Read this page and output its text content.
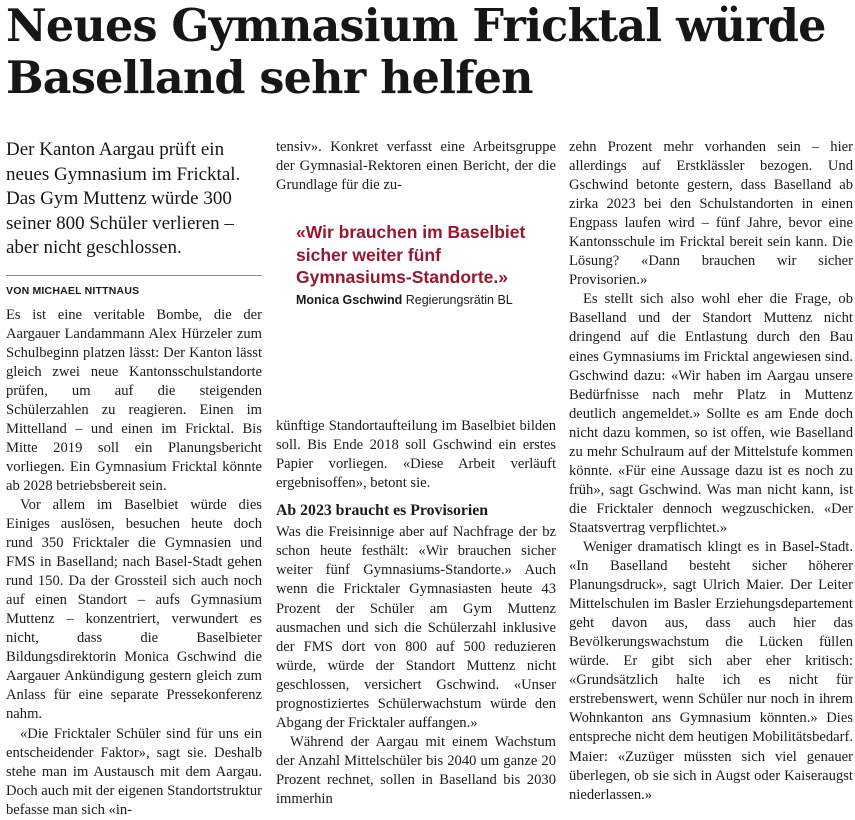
Neues Gymnasium Fricktal würde Baselland sehr helfen

Der Kanton Aargau prüft ein neues Gymnasium im Fricktal. Das Gym Muttenz würde 300 seiner 800 Schüler verlieren – aber nicht geschlossen.

VON MICHAEL NITTNAUS

Es ist eine veritable Bombe, die der Aargauer Landammann Alex Hürzeler zum Schulbeginn platzen lässt: Der Kanton lässt gleich zwei neue Kantonsschulstandorte prüfen, um auf die steigenden Schülerzahlen zu reagieren. Einen im Mittelland – und einen im Fricktal. Bis Mitte 2019 soll ein Planungsbericht vorliegen. Ein Gymnasium Fricktal könnte ab 2028 betriebsbereit sein.

Vor allem im Baselbiet würde dies Einiges auslösen, besuchen heute doch rund 350 Fricktaler die Gymnasien und FMS in Baselland; nach Basel-Stadt gehen rund 150. Da der Grossteil sich auch noch auf einen Standort – aufs Gymnasium Muttenz – konzentriert, verwundert es nicht, dass die Baselbieter Bildungsdirektorin Monica Gschwind die Aargauer Ankündigung gestern gleich zum Anlass für eine separate Pressekonferenz nahm.

«Die Fricktaler Schüler sind für uns ein entscheidender Faktor», sagt sie. Deshalb stehe man im Austausch mit dem Aargau. Doch auch mit der eigenen Standortstruktur befasse man sich «in-

tensiv». Konkret verfasst eine Arbeitsgruppe der Gymnasial-Rektoren einen Bericht, der die Grundlage für die zu-

«Wir brauchen im Baselbiet sicher weiter fünf Gymnasiums-Standorte.»

Monica Gschwind Regierungsrätin BL

künftige Standortaufteilung im Baselbiet bilden soll. Bis Ende 2018 soll Gschwind ein erstes Papier vorliegen. «Diese Arbeit verläuft ergebnisoffen», betont sie.

Ab 2023 braucht es Provisorien

Was die Freisinnige aber auf Nachfrage der bz schon heute festhält: «Wir brauchen sicher weiter fünf Gymnasiums-Standorte.» Auch wenn die Fricktaler Gymnasiasten heute 43 Prozent der Schüler am Gym Muttenz ausmachen und sich die Schülerzahl inklusive der FMS dort von 800 auf 500 reduzieren würde, würde der Standort Muttenz nicht geschlossen, versichert Gschwind. «Unser prognostiziertes Schülerwachstum würde den Abgang der Fricktaler auffangen.»

Während der Aargau mit einem Wachstum der Anzahl Mittelschüler bis 2040 um ganze 20 Prozent rechnet, sollen in Baselland bis 2030 immerhin

zehn Prozent mehr vorhanden sein – hier allerdings auf Erstklässler bezogen. Und Gschwind betonte gestern, dass Baselland ab zirka 2023 bei den Schulstandorten in einen Engpass laufen wird – fünf Jahre, bevor eine Kantonsschule im Fricktal bereit sein kann. Die Lösung? «Dann brauchen wir sicher Provisorien.»

Es stellt sich also wohl eher die Frage, ob Baselland und der Standort Muttenz nicht dringend auf die Entlastung durch den Bau eines Gymnasiums im Fricktal angewiesen sind. Gschwind dazu: «Wir haben im Aargau unsere Bedürfnisse nach mehr Platz in Muttenz deutlich angemeldet.» Sollte es am Ende doch nicht dazu kommen, so ist offen, wie Baselland zu mehr Schulraum auf der Mittelstufe kommen könnte. «Für eine Aussage dazu ist es noch zu früh», sagt Gschwind. Was man nicht kann, ist die Fricktaler dennoch wegzuschicken. «Der Staatsvertrag verpflichtet.»

Weniger dramatisch klingt es in Basel-Stadt. «In Baselland besteht sicher höherer Planungsdruck», sagt Ulrich Maier. Der Leiter Mittelschulen im Basler Erziehungsdepartement geht davon aus, dass auch hier das Bevölkerungswachstum die Lücken füllen würde. Er gibt sich aber eher kritisch: «Grundsätzlich halte ich es nicht für erstrebenswert, wenn Schüler nur noch in ihrem Wohnkanton ans Gymnasium könnten.» Dies entspreche nicht dem heutigen Mobilitätsbedarf. Maier: «Zuzüger müssten sich viel genauer überlegen, ob sie sich in Augst oder Kaiseraugst niederlassen.»
